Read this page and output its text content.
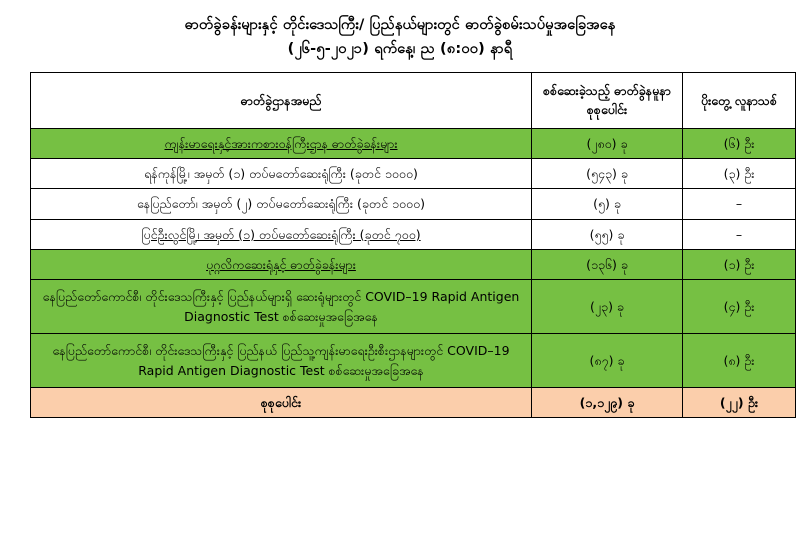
ဓာတ်ခွဲခန်းများနှင့် တိုင်းဒေသကြီး/ ပြည်နယ်များတွင် ဓာတ်ခွဲစမ်းသပ်မှုအခြေအနေ
(၂၆-၅-၂၀၂၁) ရက်နေ့၊ ည (၈:၀၀) နာရီ
ဓာတ်ခွဲဌာနအမည်	စစ်ဆေးခဲ့သည့် ဓာတ်ခွဲနမူနာ စုစုပေါင်း	ပိုးတွေ့ လူနာသစ်
ကျန်းမာရေးနှင့်အားကစားဝန်ကြီးဌာန ဓာတ်ခွဲခန်းများ	(၂၈၀) ခု	(၆) ဦး
ရန်ကုန်မြို့၊ အမှတ် (၁) တပ်မတော်ဆေးရုံကြီး (ခုတင် ၁၀၀၀)	(၅၄၃) ခု	(၃) ဦး
နေပြည်တော်၊ အမှတ် (၂) တပ်မတော်ဆေးရုံကြီး (ခုတင် ၁၀၀၀)	(၅) ခု	–
ပြင်ဦးလွင်မြို့၊ အမှတ် (၁) တပ်မတော်ဆေးရုံကြီး (ခုတင် ၇၀၀)	(၅၅) ခု	–
ပုဂ္ဂလိကဆေးရုံနှင့် ဓာတ်ခွဲခန်းများ	(၁၃၆) ခု	(၁) ဦး
နေပြည်တော်ကောင်စီ၊ တိုင်းဒေသကြီးနှင့် ပြည်နယ်များရှိ ဆေးရုံများတွင် COVID–19 Rapid Antigen Diagnostic Test စစ်ဆေးမှုအခြေအနေ	(၂၃) ခု	(၄) ဦး
နေပြည်တော်ကောင်စီ၊ တိုင်းဒေသကြီးနှင့် ပြည်နယ် ပြည်သူ့ကျန်းမာရေးဦးစီးဌာနများတွင် COVID–19 Rapid Antigen Diagnostic Test စစ်ဆေးမှုအခြေအနေ	(၈၇) ခု	(၈) ဦး
စုစုပေါင်း	(၁,၁၂၉) ခု	(၂၂) ဦး
